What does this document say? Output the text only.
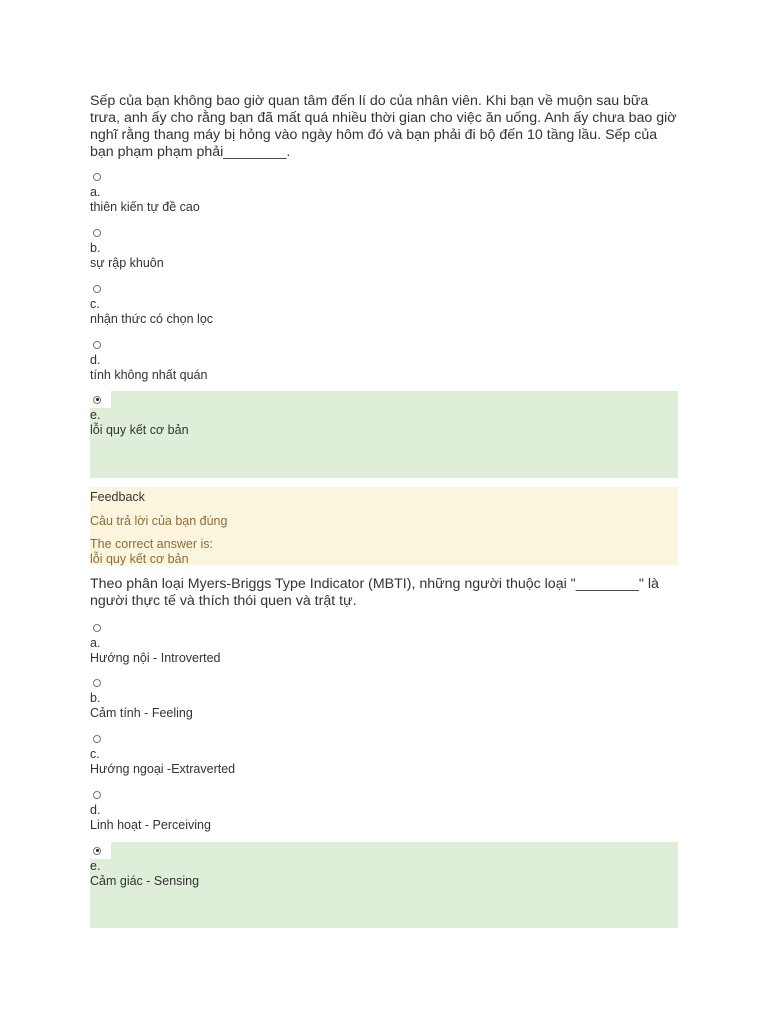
Sếp của bạn không bao giờ quan tâm đến lí do của nhân viên. Khi bạn về muộn sau bữa trưa, anh ấy cho rằng bạn đã mất quá nhiều thời gian cho việc ăn uống. Anh ấy chưa bao giờ nghĩ rằng thang máy bị hỏng vào ngày hôm đó và bạn phải đi bộ đến 10 tầng lầu. Sếp của bạn phạm phạm phải________.
a.
thiên kiến tự đề cao
b.
sự rập khuôn
c.
nhận thức có chọn lọc
d.
tính không nhất quán
e.
lỗi quy kết cơ bản
Feedback
Câu trả lời của bạn đúng
The correct answer is:
lỗi quy kết cơ bản
Theo phân loại Myers-Briggs Type Indicator (MBTI), những người thuộc loại "________" là người thực tế và thích thói quen và trật tự.
a.
Hướng nội - Introverted
b.
Cảm tính - Feeling
c.
Hướng ngoại -Extraverted
d.
Linh hoạt - Perceiving
e.
Cảm giác - Sensing
